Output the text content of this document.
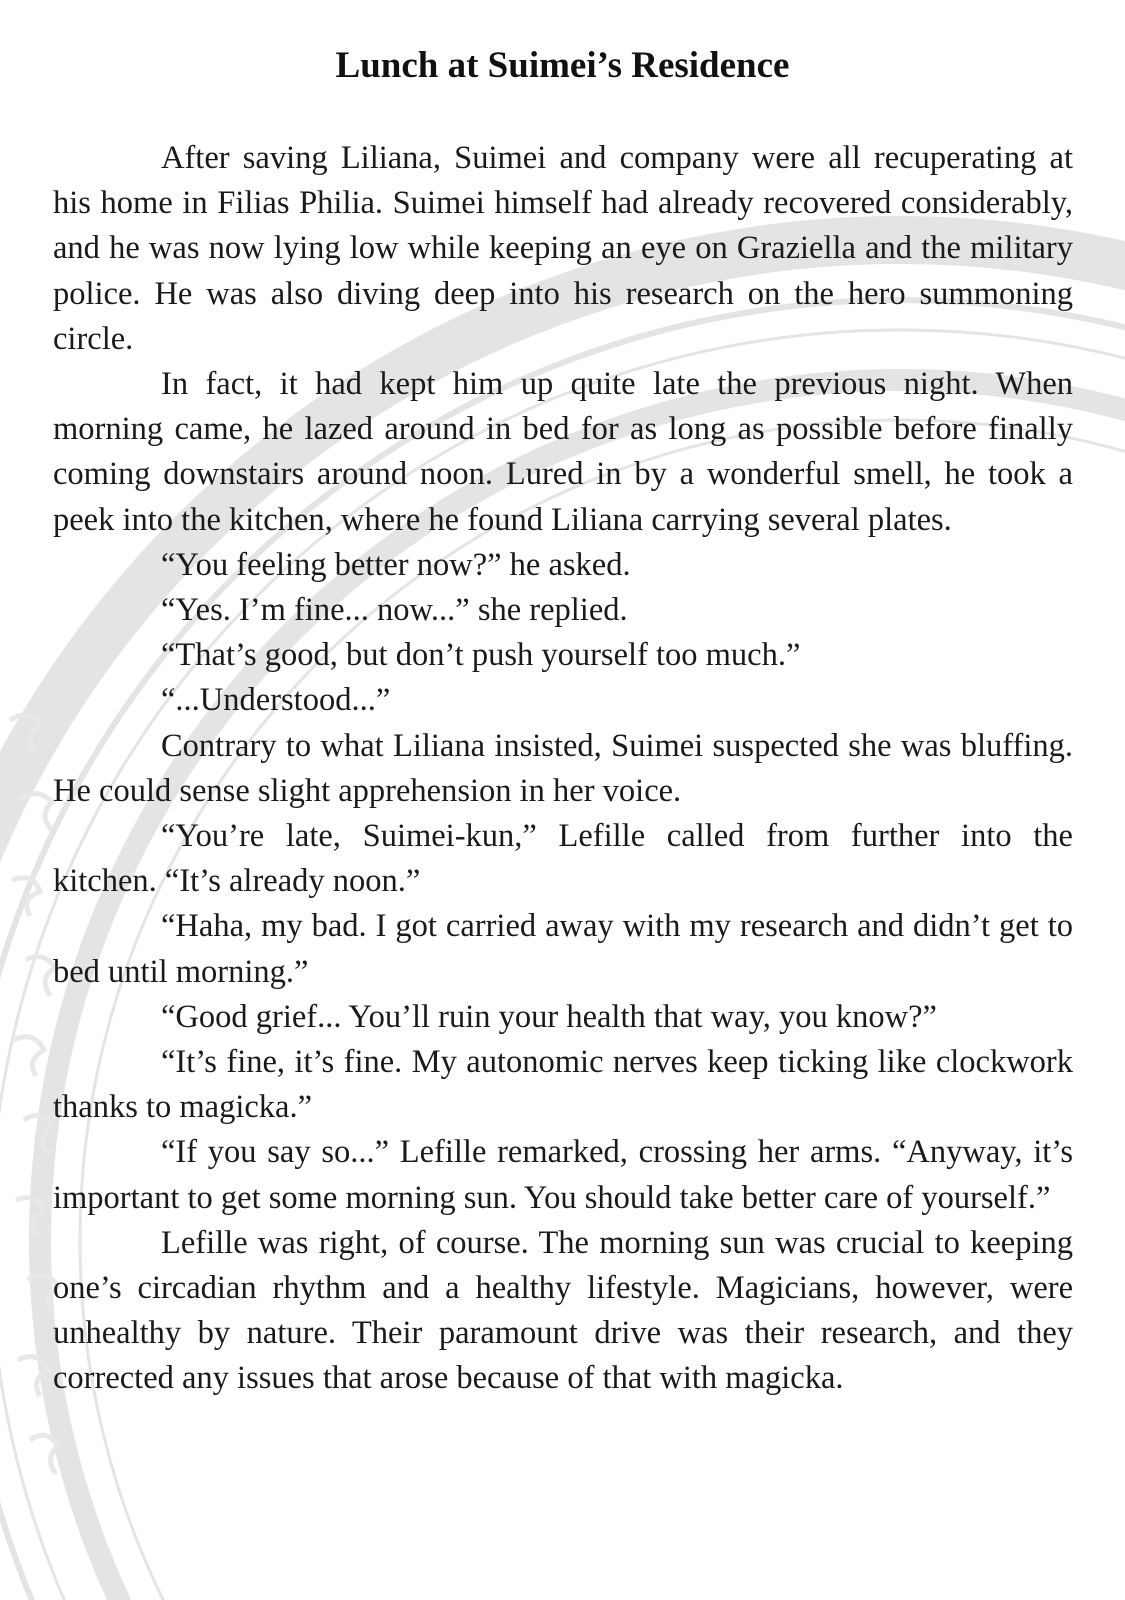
Lunch at Suimei’s Residence

After saving Liliana, Suimei and company were all recuperating at his home in Filias Philia. Suimei himself had already recovered considerably, and he was now lying low while keeping an eye on Graziella and the military police. He was also diving deep into his research on the hero summoning circle.

In fact, it had kept him up quite late the previous night. When morning came, he lazed around in bed for as long as possible before finally coming downstairs around noon. Lured in by a wonderful smell, he took a peek into the kitchen, where he found Liliana carrying several plates.

“You feeling better now?” he asked.

“Yes. I’m fine... now...” she replied.

“That’s good, but don’t push yourself too much.”

“...Understood...”

Contrary to what Liliana insisted, Suimei suspected she was bluffing. He could sense slight apprehension in her voice.

“You’re late, Suimei-kun,” Lefille called from further into the kitchen. “It’s already noon.”

“Haha, my bad. I got carried away with my research and didn’t get to bed until morning.”

“Good grief... You’ll ruin your health that way, you know?”

“It’s fine, it’s fine. My autonomic nerves keep ticking like clockwork thanks to magicka.”

“If you say so...” Lefille remarked, crossing her arms. “Anyway, it’s important to get some morning sun. You should take better care of yourself.”

Lefille was right, of course. The morning sun was crucial to keeping one’s circadian rhythm and a healthy lifestyle. Magicians, however, were unhealthy by nature. Their paramount drive was their research, and they corrected any issues that arose because of that with magicka.
